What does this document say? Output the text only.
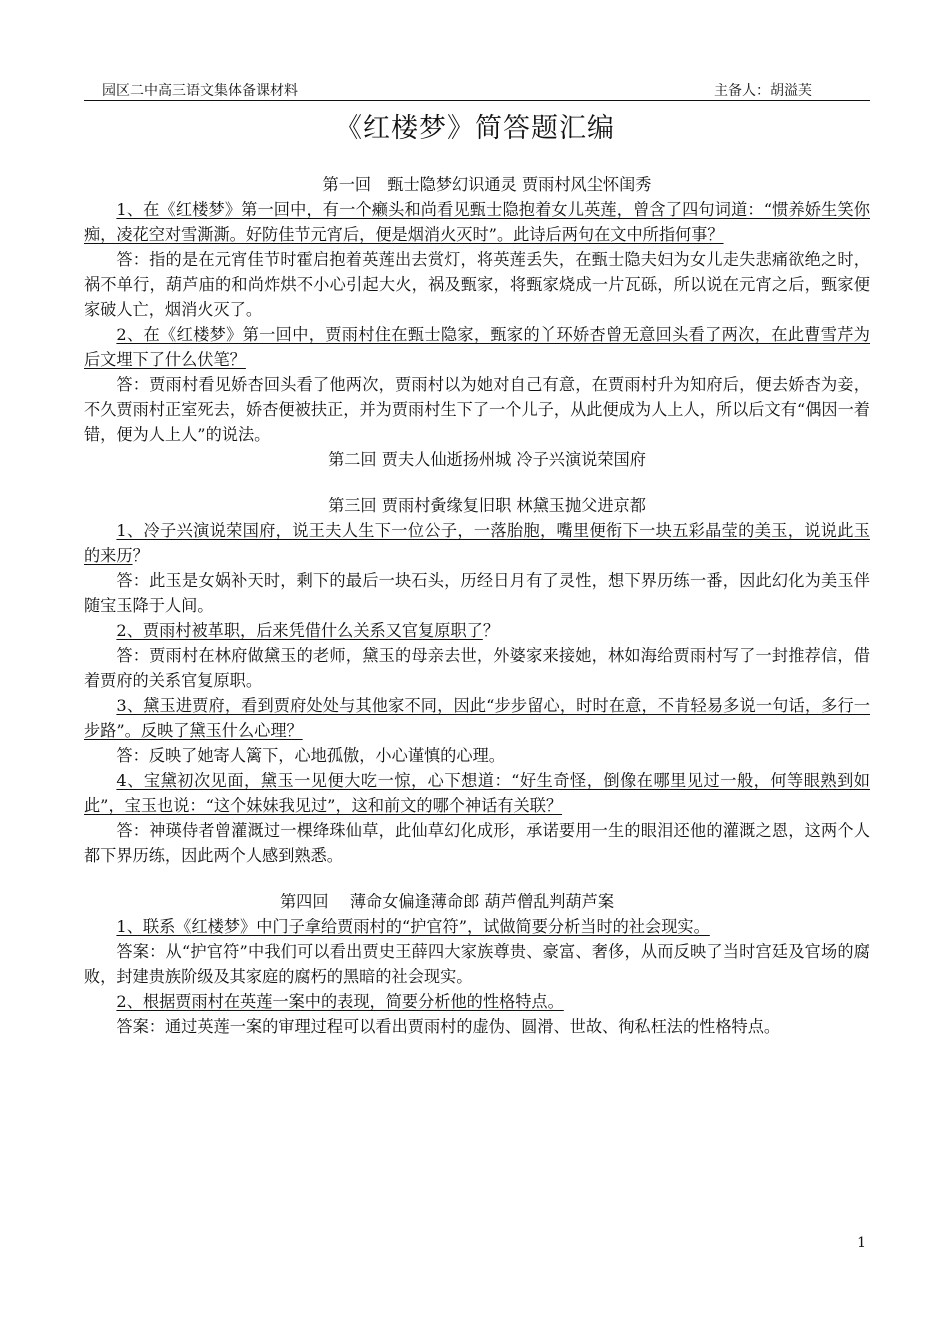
园区二中高三语文集体备课材料	主备人：胡溢芙
《红楼梦》简答题汇编
第一回　甄士隐梦幻识通灵 贾雨村风尘怀闺秀
1、在《红楼梦》第一回中，有一个癞头和尚看见甄士隐抱着女儿英莲，曾含了四句词道：“惯养娇生笑你痴，凌花空对雪澌澌。好防佳节元宵后，便是烟消火灭时”。此诗后两句在文中所指何事？
答：指的是在元宵佳节时霍启抱着英莲出去赏灯，将英莲丢失，在甄士隐夫妇为女儿走失悲痛欲绝之时，祸不单行，葫芦庙的和尚炸烘不小心引起大火，祸及甄家，将甄家烧成一片瓦砾，所以说在元宵之后，甄家便家破人亡，烟消火灭了。
2、在《红楼梦》第一回中，贾雨村住在甄士隐家，甄家的丫环娇杏曾无意回头看了两次，在此曹雪芹为后文埋下了什么伏笔？
答：贾雨村看见娇杏回头看了他两次，贾雨村以为她对自己有意，在贾雨村升为知府后，便去娇杏为妾，不久贾雨村正室死去，娇杏便被扶正，并为贾雨村生下了一个儿子，从此便成为人上人，所以后文有“偶因一着错，便为人上人”的说法。
第二回 贾夫人仙逝扬州城 冷子兴演说荣国府
第三回 贾雨村夤缘复旧职 林黛玉抛父进京都
1、冷子兴演说荣国府，说王夫人生下一位公子，一落胎胞，嘴里便衔下一块五彩晶莹的美玉，说说此玉的来历？
答：此玉是女娲补天时，剩下的最后一块石头，历经日月有了灵性，想下界历练一番，因此幻化为美玉伴随宝玉降于人间。
2、贾雨村被革职，后来凭借什么关系又官复原职了？
答：贾雨村在林府做黛玉的老师，黛玉的母亲去世，外婆家来接她，林如海给贾雨村写了一封推荐信，借着贾府的关系官复原职。
3、黛玉进贾府，看到贾府处处与其他家不同，因此“步步留心，时时在意，不肯轻易多说一句话，多行一步路”。反映了黛玉什么心理？
答：反映了她寄人篱下，心地孤傲，小心谨慎的心理。
4、宝黛初次见面，黛玉一见便大吃一惊，心下想道：“好生奇怪，倒像在哪里见过一般，何等眼熟到如此”，宝玉也说：“这个妹妹我见过”，这和前文的哪个神话有关联？
答：神瑛侍者曾灌溉过一棵绛珠仙草，此仙草幻化成形，承诺要用一生的眼泪还他的灌溉之恩，这两个人都下界历练，因此两个人感到熟悉。
第四回　 薄命女偏逢薄命郎 葫芦僧乱判葫芦案
1、联系《红楼梦》中门子拿给贾雨村的“护官符”，试做简要分析当时的社会现实。
答案：从“护官符”中我们可以看出贾史王薛四大家族尊贵、豪富、奢侈，从而反映了当时宫廷及官场的腐败，封建贵族阶级及其家庭的腐朽的黑暗的社会现实。
2、根据贾雨村在英莲一案中的表现，简要分析他的性格特点。
答案：通过英莲一案的审理过程可以看出贾雨村的虚伪、圆滑、世故、徇私枉法的性格特点。
1
